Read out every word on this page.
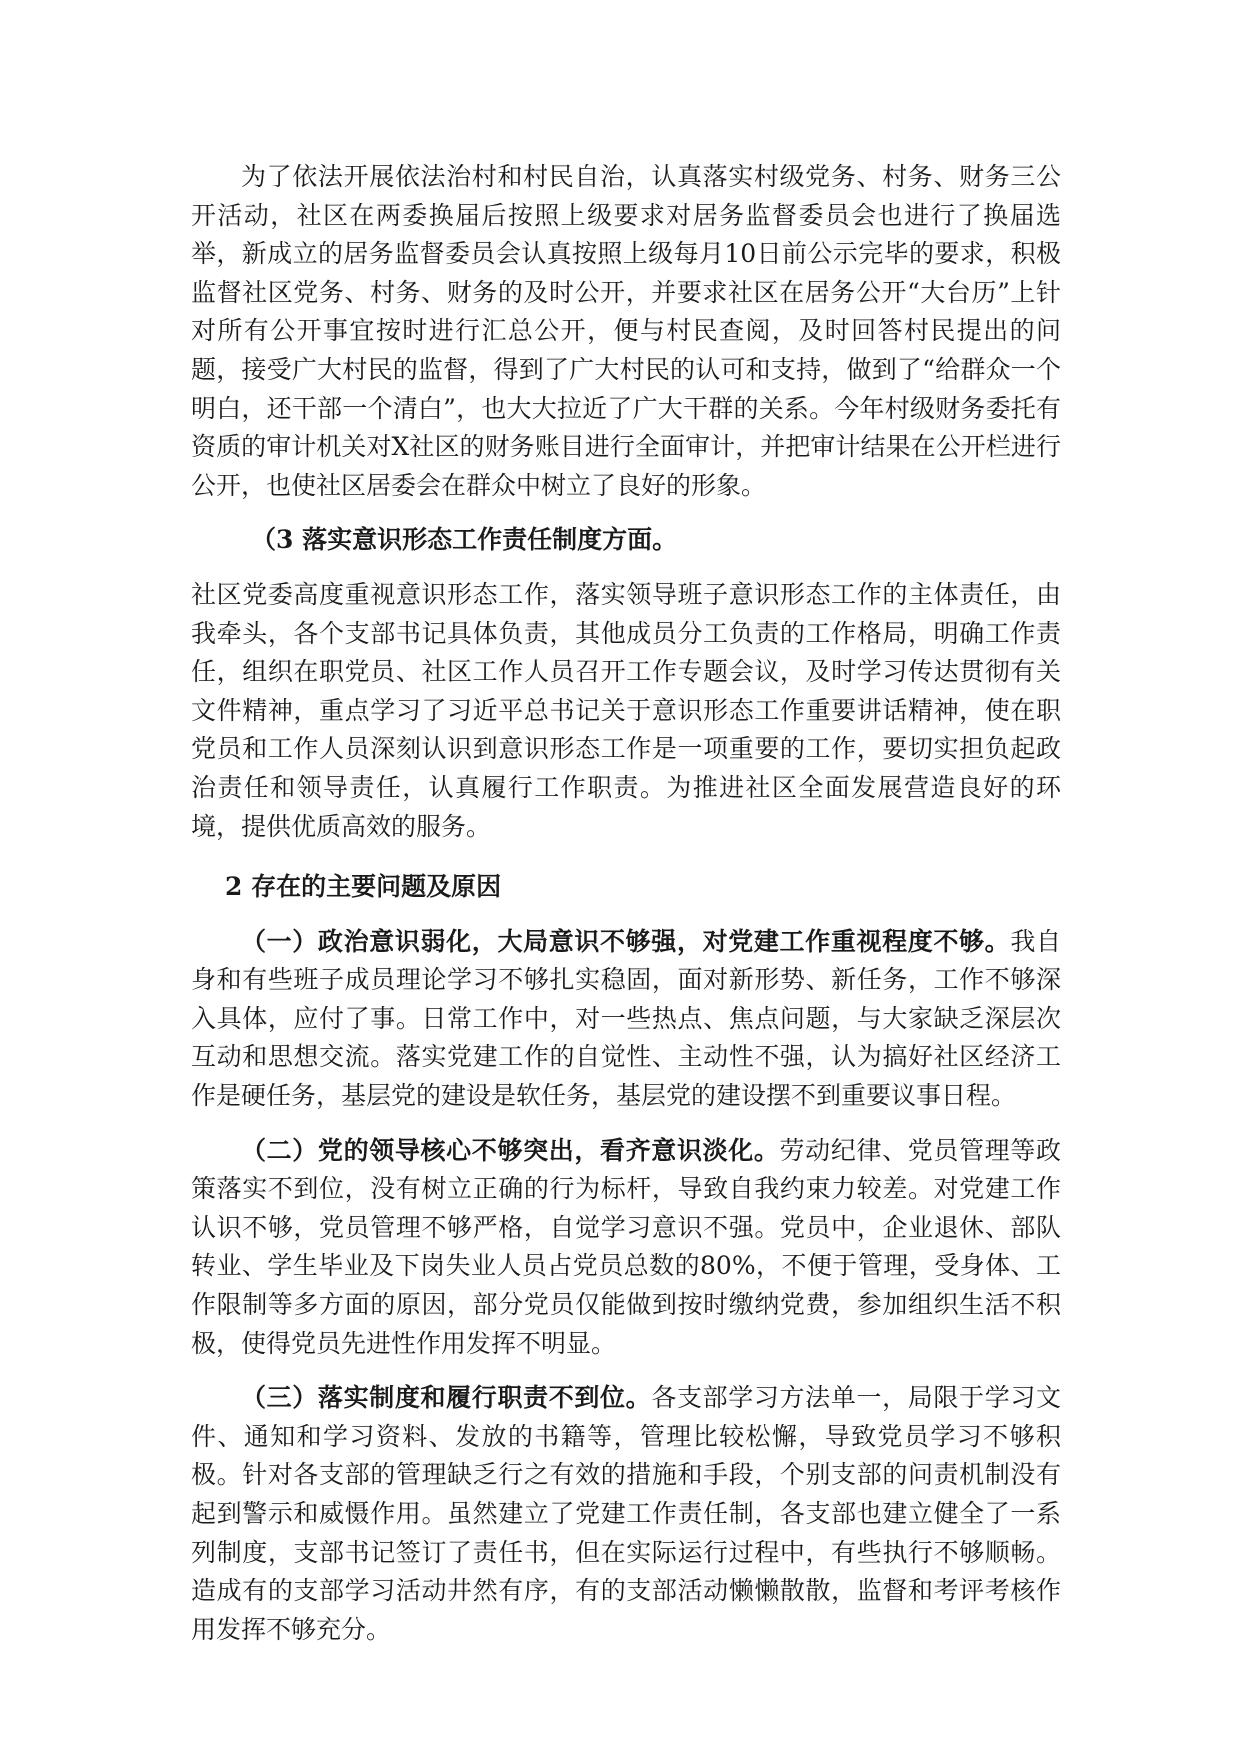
为了依法开展依法治村和村民自治，认真落实村级党务、村务、财务三公开活动，社区在两委换届后按照上级要求对居务监督委员会也进行了换届选举，新成立的居务监督委员会认真按照上级每月10日前公示完毕的要求，积极监督社区党务、村务、财务的及时公开，并要求社区在居务公开“大台历”上针对所有公开事宜按时进行汇总公开，便与村民查阅，及时回答村民提出的问题，接受广大村民的监督，得到了广大村民的认可和支持，做到了“给群众一个明白，还干部一个清白”，也大大拉近了广大干群的关系。今年村级财务委托有资质的审计机关对X社区的财务账目进行全面审计，并把审计结果在公开栏进行公开，也使社区居委会在群众中树立了良好的形象。

（3 落实意识形态工作责任制度方面。

社区党委高度重视意识形态工作，落实领导班子意识形态工作的主体责任，由我牵头，各个支部书记具体负责，其他成员分工负责的工作格局，明确工作责任，组织在职党员、社区工作人员召开工作专题会议，及时学习传达贯彻有关文件精神，重点学习了习近平总书记关于意识形态工作重要讲话精神，使在职党员和工作人员深刻认识到意识形态工作是一项重要的工作，要切实担负起政治责任和领导责任，认真履行工作职责。为推进社区全面发展营造良好的环境，提供优质高效的服务。

2 存在的主要问题及原因

（一）政治意识弱化，大局意识不够强，对党建工作重视程度不够。我自身和有些班子成员理论学习不够扎实稳固，面对新形势、新任务，工作不够深入具体，应付了事。日常工作中，对一些热点、焦点问题，与大家缺乏深层次互动和思想交流。落实党建工作的自觉性、主动性不强，认为搞好社区经济工作是硬任务，基层党的建设是软任务，基层党的建设摆不到重要议事日程。

（二）党的领导核心不够突出，看齐意识淡化。劳动纪律、党员管理等政策落实不到位，没有树立正确的行为标杆，导致自我约束力较差。对党建工作认识不够，党员管理不够严格，自觉学习意识不强。党员中，企业退休、部队转业、学生毕业及下岗失业人员占党员总数的80%，不便于管理，受身体、工作限制等多方面的原因，部分党员仅能做到按时缴纳党费，参加组织生活不积极，使得党员先进性作用发挥不明显。

（三）落实制度和履行职责不到位。各支部学习方法单一，局限于学习文件、通知和学习资料、发放的书籍等，管理比较松懈，导致党员学习不够积极。针对各支部的管理缺乏行之有效的措施和手段，个别支部的问责机制没有起到警示和威慑作用。虽然建立了党建工作责任制，各支部也建立健全了一系列制度，支部书记签订了责任书，但在实际运行过程中，有些执行不够顺畅。造成有的支部学习活动井然有序，有的支部活动懒懒散散，监督和考评考核作用发挥不够充分。
